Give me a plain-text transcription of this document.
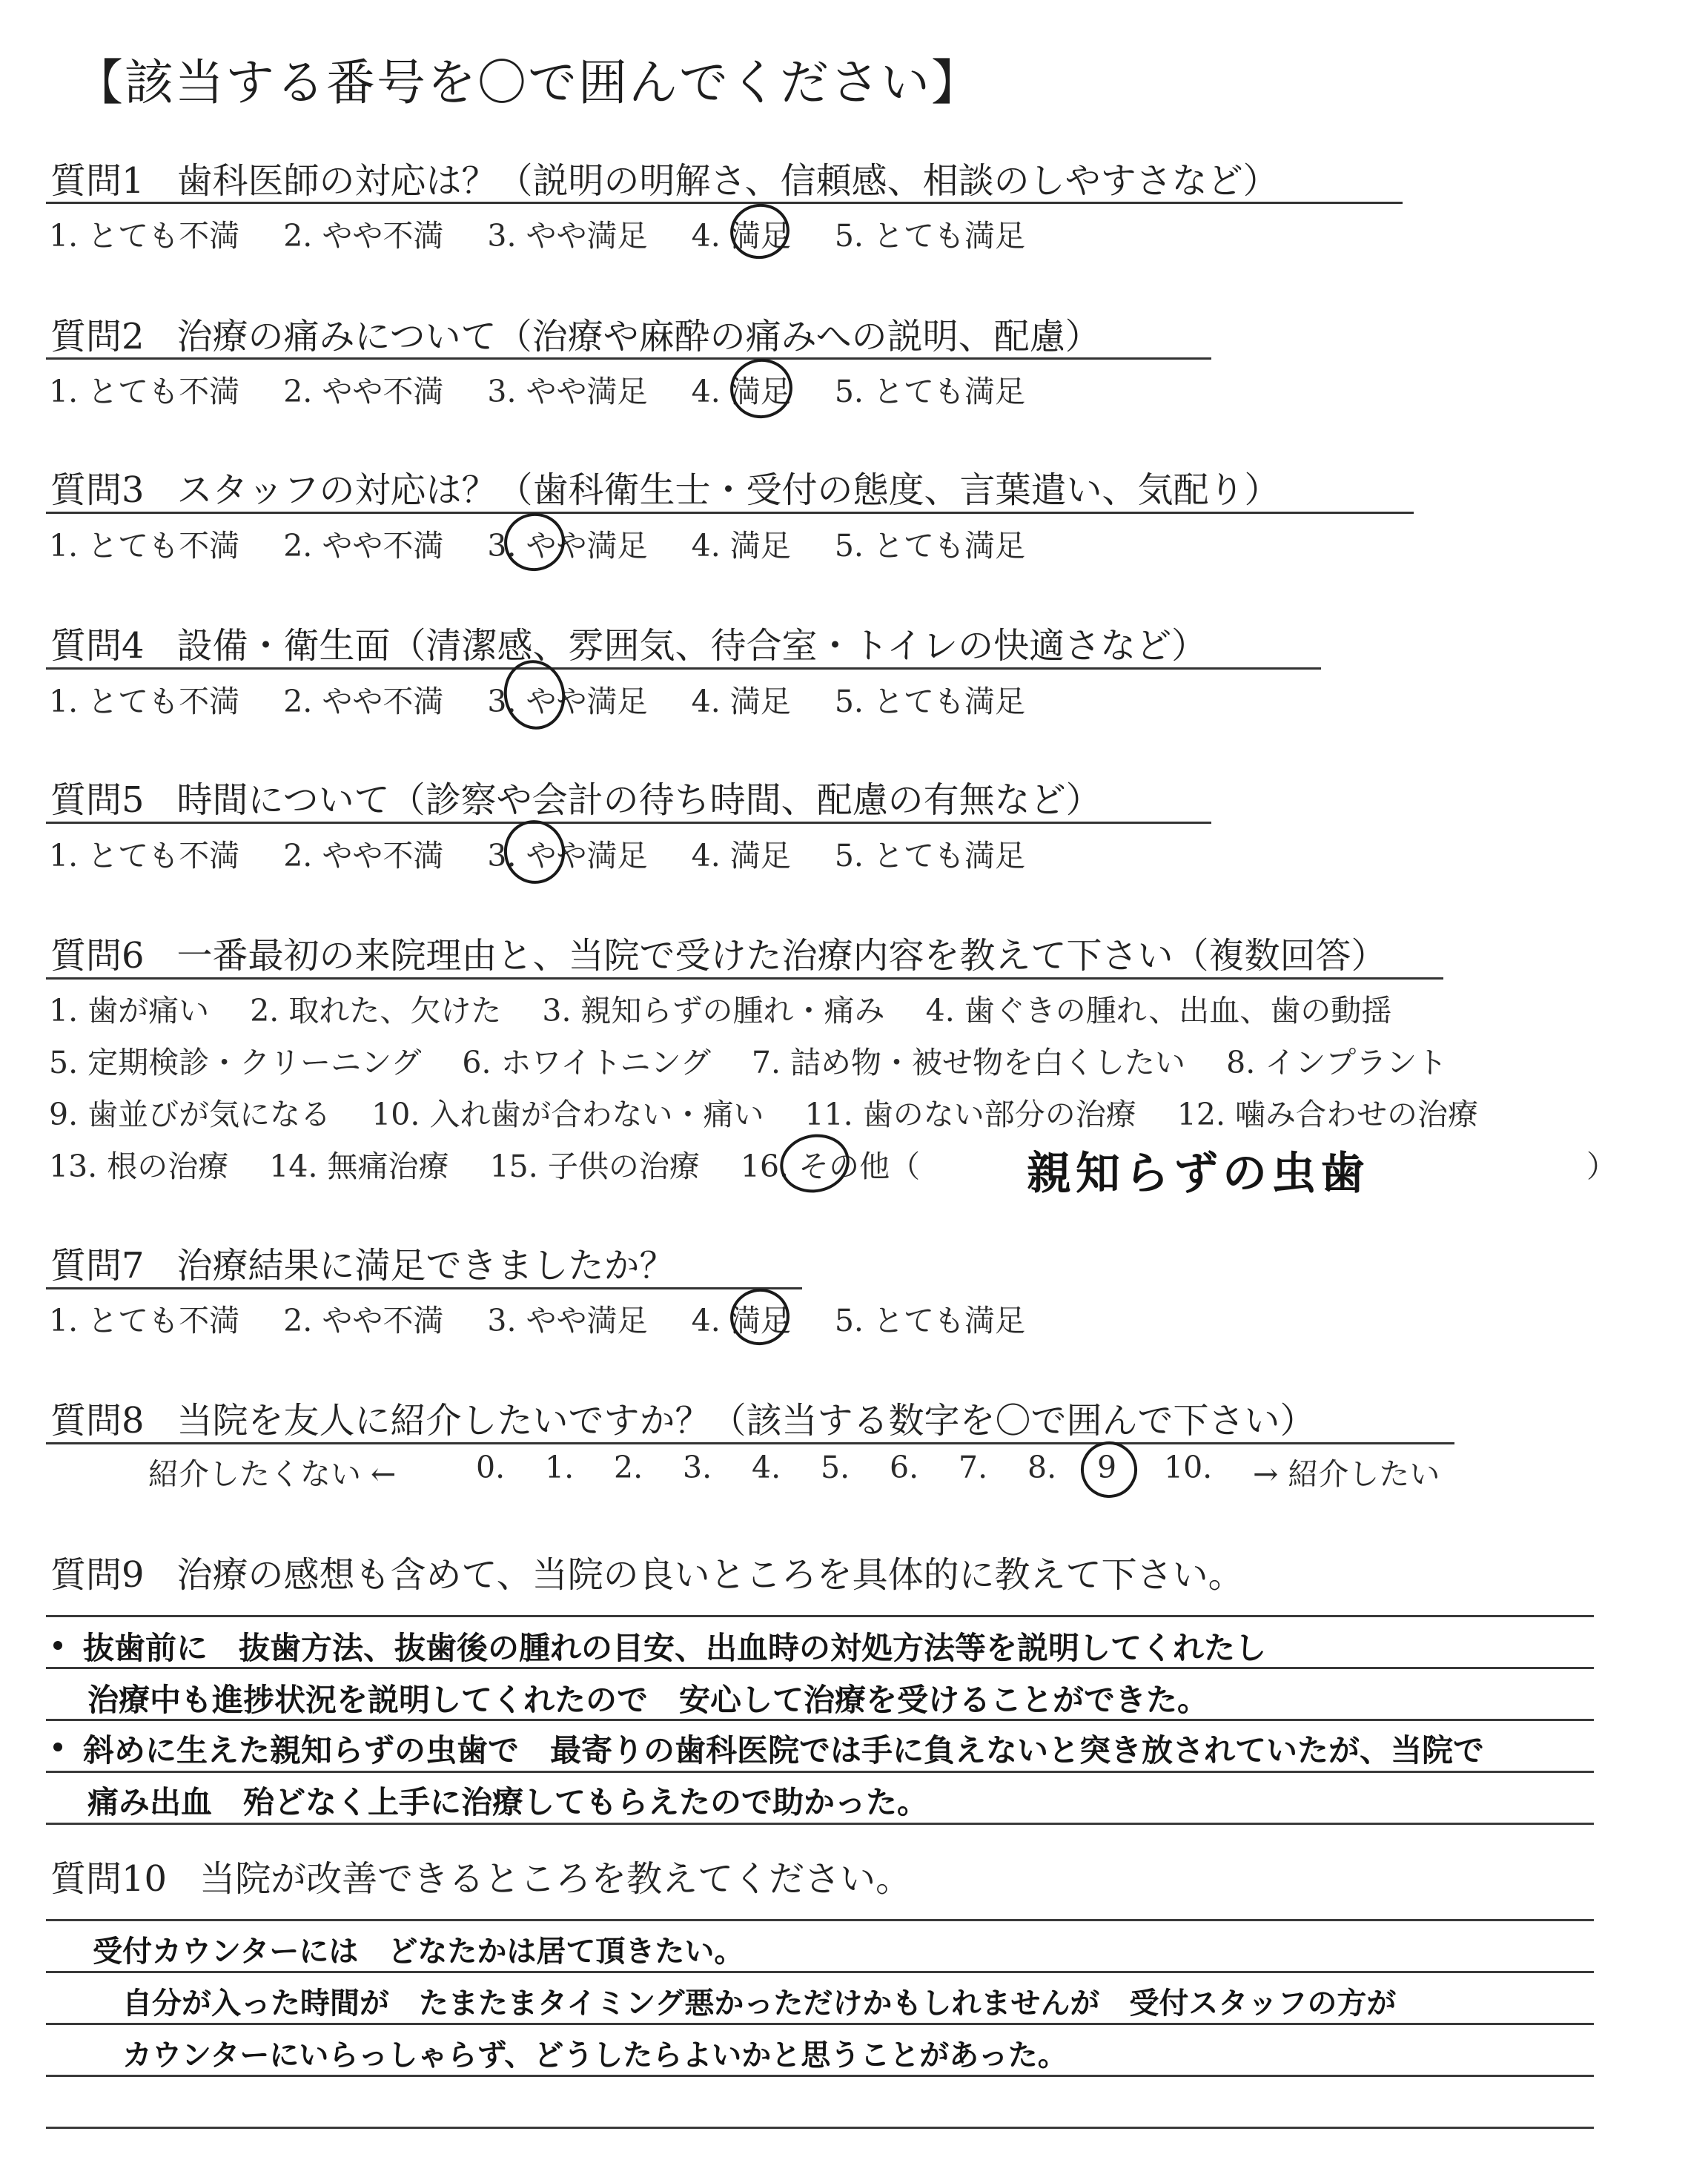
【該当する番号を〇で囲んでください】
質問1 歯科医師の対応は？（説明の明解さ、信頼感、相談のしやすさなど）
1. とても不満 2. やや不満 3. やや満足 4. 満足 5. とても満足
質問2 治療の痛みについて（治療や麻酔の痛みへの説明、配慮）
1. とても不満 2. やや不満 3. やや満足 4. 満足 5. とても満足
質問3 スタッフの対応は？（歯科衛生士・受付の態度、言葉遣い、気配り）
1. とても不満 2. やや不満 3. やや満足 4. 満足 5. とても満足
質問4 設備・衛生面（清潔感、雰囲気、待合室・トイレの快適さなど）
1. とても不満 2. やや不満 3. やや満足 4. 満足 5. とても満足
質問5 時間について（診察や会計の待ち時間、配慮の有無など）
1. とても不満 2. やや不満 3. やや満足 4. 満足 5. とても満足
質問6 一番最初の来院理由と、当院で受けた治療内容を教えて下さい（複数回答）
1. 歯が痛い 2. 取れた、欠けた 3. 親知らずの腫れ・痛み 4. 歯ぐきの腫れ、出血、歯の動揺
5. 定期検診・クリーニング 6. ホワイトニング 7. 詰め物・被せ物を白くしたい 8. インプラント
9. 歯並びが気になる 10. 入れ歯が合わない・痛い 11. 歯のない部分の治療 12. 噛み合わせの治療
13. 根の治療 14. 無痛治療 15. 子供の治療 16. その他（	）
親知らずの虫歯
質問7 治療結果に満足できましたか？
1. とても不満 2. やや不満 3. やや満足 4. 満足 5. とても満足
質問8 当院を友人に紹介したいですか？（該当する数字を〇で囲んで下さい）
紹介したくない ←	0. 1. 2. 3. 4. 5. 6. 7. 8. 9 10. → 紹介したい
質問9 治療の感想も含めて、当院の良いところを具体的に教えて下さい。
抜歯前に　抜歯方法、抜歯後の腫れの目安、出血時の対処方法等を説明してくれたし
治療中も進捗状況を説明してくれたので　安心して治療を受けることができた。
斜めに生えた親知らずの虫歯で　最寄りの歯科医院では手に負えないと突き放されていたが、当院で
痛み出血　殆どなく上手に治療してもらえたので助かった。
質問10 当院が改善できるところを教えてください。
受付カウンターには　どなたかは居て頂きたい。
自分が入った時間が　たまたまタイミング悪かっただけかもしれませんが　受付スタッフの方が
カウンターにいらっしゃらず、どうしたらよいかと思うことがあった。
